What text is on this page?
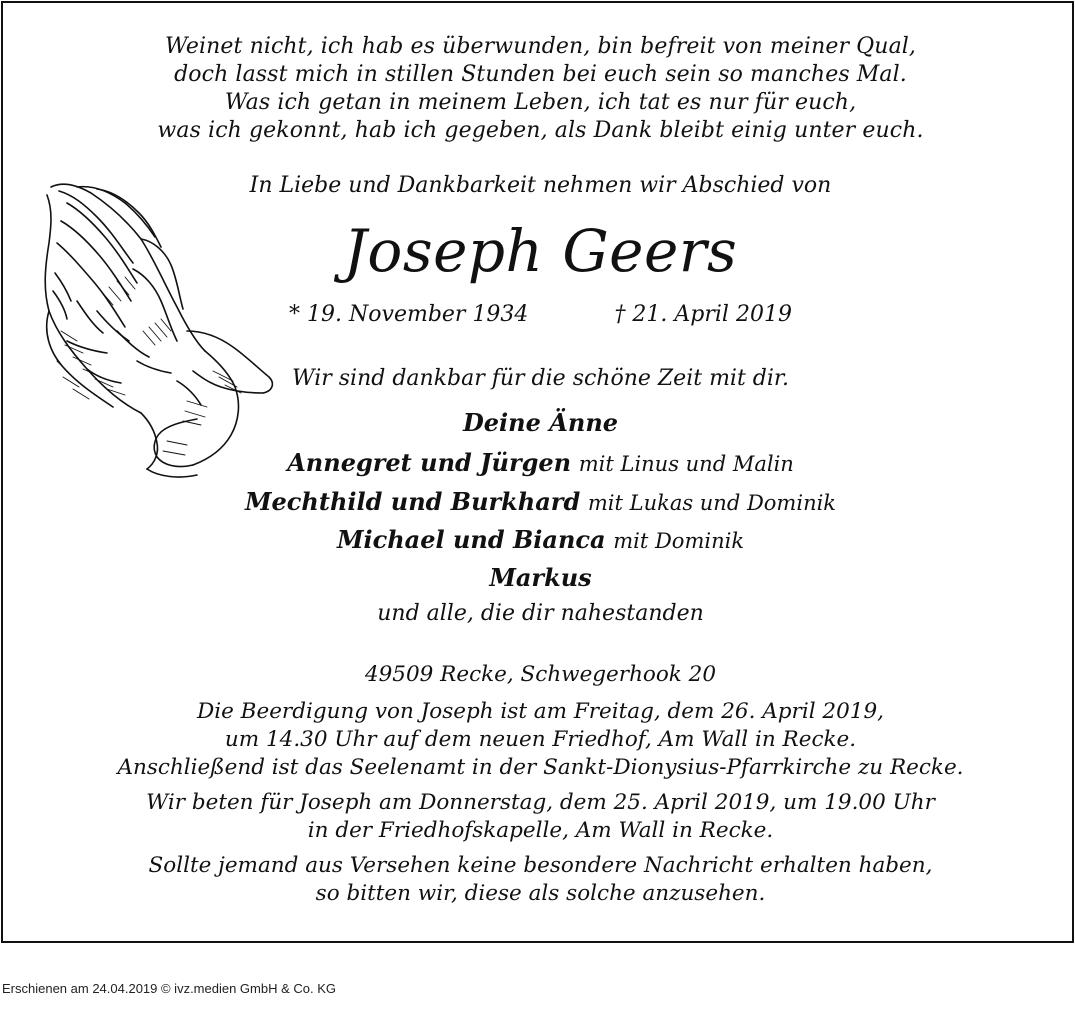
Weinet nicht, ich hab es überwunden, bin befreit von meiner Qual,
doch lasst mich in stillen Stunden bei euch sein so manches Mal.
Was ich getan in meinem Leben, ich tat es nur für euch,
was ich gekonnt, hab ich gegeben, als Dank bleibt einig unter euch.
In Liebe und Dankbarkeit nehmen wir Abschied von
Joseph Geers
* 19. November 1934	† 21. April 2019
Wir sind dankbar für die schöne Zeit mit dir.
Deine Änne
Annegret und Jürgen mit Linus und Malin
Mechthild und Burkhard mit Lukas und Dominik
Michael und Bianca mit Dominik
Markus
und alle, die dir nahestanden
49509 Recke, Schwegerhook 20
Die Beerdigung von Joseph ist am Freitag, dem 26. April 2019,
um 14.30 Uhr auf dem neuen Friedhof, Am Wall in Recke.
Anschließend ist das Seelenamt in der Sankt-Dionysius-Pfarrkirche zu Recke.
Wir beten für Joseph am Donnerstag, dem 25. April 2019, um 19.00 Uhr
in der Friedhofskapelle, Am Wall in Recke.
Sollte jemand aus Versehen keine besondere Nachricht erhalten haben,
so bitten wir, diese als solche anzusehen.
Erschienen am 24.04.2019 © ivz.medien GmbH & Co. KG
